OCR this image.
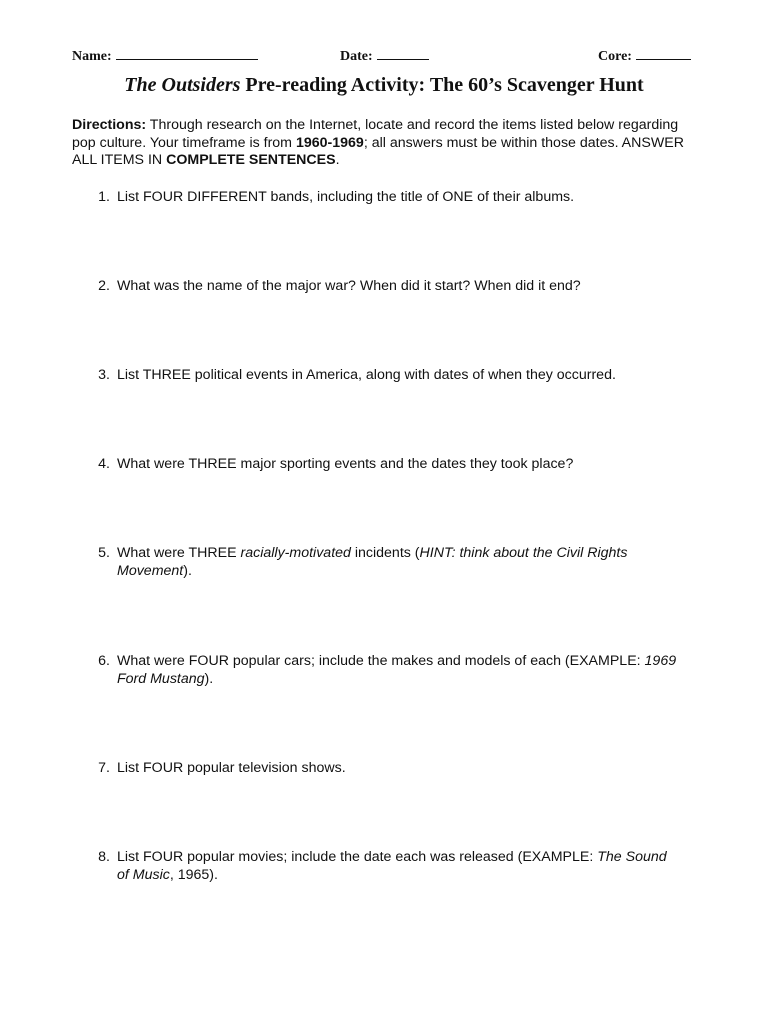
Name:	Date:	Core:
The Outsiders Pre-reading Activity: The 60’s Scavenger Hunt
Directions: Through research on the Internet, locate and record the items listed below regarding pop culture. Your timeframe is from 1960-1969; all answers must be within those dates. ANSWER ALL ITEMS IN COMPLETE SENTENCES.
1. List FOUR DIFFERENT bands, including the title of ONE of their albums.
2. What was the name of the major war? When did it start? When did it end?
3. List THREE political events in America, along with dates of when they occurred.
4. What were THREE major sporting events and the dates they took place?
5. What were THREE racially-motivated incidents (HINT: think about the Civil Rights Movement).
6. What were FOUR popular cars; include the makes and models of each (EXAMPLE: 1969 Ford Mustang).
7. List FOUR popular television shows.
8. List FOUR popular movies; include the date each was released (EXAMPLE: The Sound of Music, 1965).
